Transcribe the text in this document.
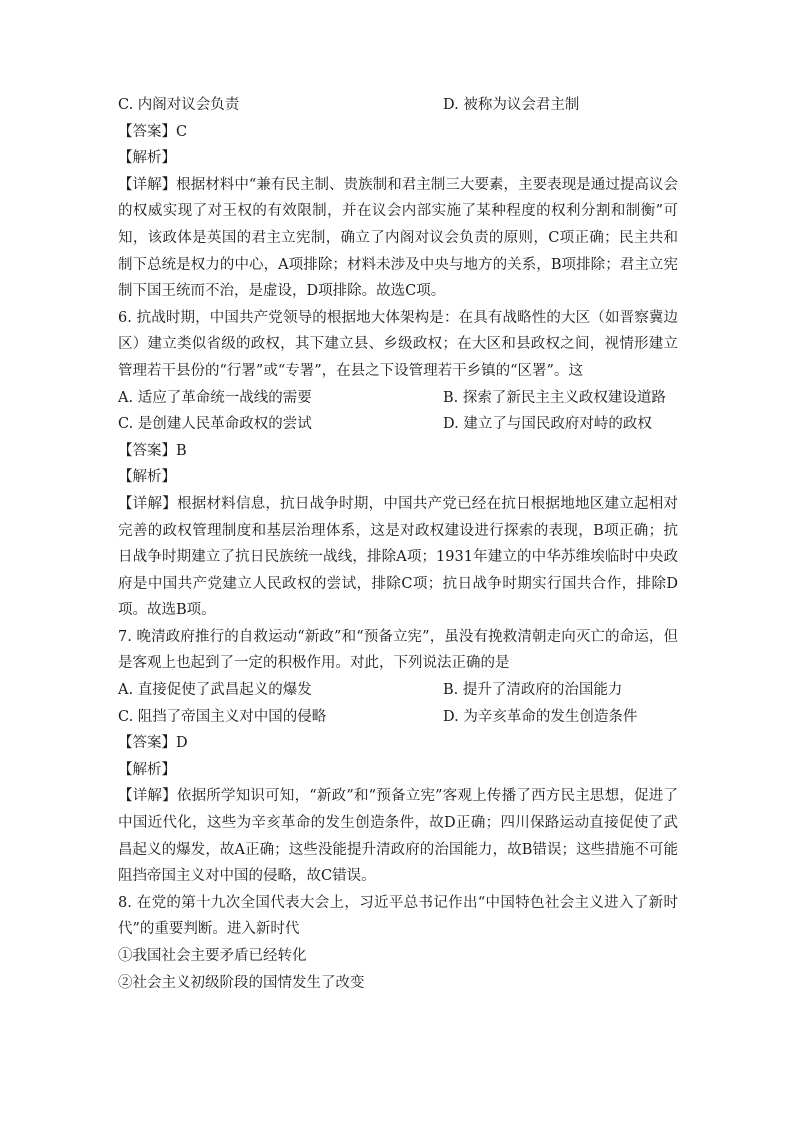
C. 内阁对议会负责	D. 被称为议会君主制
【答案】C
【解析】
【详解】根据材料中“兼有民主制、贵族制和君主制三大要素，主要表现是通过提高议会的权威实现了对王权的有效限制，并在议会内部实施了某种程度的权利分割和制衡”可知，该政体是英国的君主立宪制，确立了内阁对议会负责的原则，C项正确；民主共和制下总统是权力的中心，A项排除；材料未涉及中央与地方的关系，B项排除；君主立宪制下国王统而不治，是虚设，D项排除。故选C项。
6. 抗战时期，中国共产党领导的根据地大体架构是：在具有战略性的大区（如晋察冀边区）建立类似省级的政权，其下建立县、乡级政权；在大区和县政权之间，视情形建立管理若干县份的“行署”或“专署”，在县之下设管理若干乡镇的“区署”。这
A. 适应了革命统一战线的需要	B. 探索了新民主主义政权建设道路
C. 是创建人民革命政权的尝试	D. 建立了与国民政府对峙的政权
【答案】B
【解析】
【详解】根据材料信息，抗日战争时期，中国共产党已经在抗日根据地地区建立起相对完善的政权管理制度和基层治理体系，这是对政权建设进行探索的表现，B项正确；抗日战争时期建立了抗日民族统一战线，排除A项；1931年建立的中华苏维埃临时中央政府是中国共产党建立人民政权的尝试，排除C项；抗日战争时期实行国共合作，排除D项。故选B项。
7. 晚清政府推行的自救运动“新政”和“预备立宪”，虽没有挽救清朝走向灭亡的命运，但是客观上也起到了一定的积极作用。对此，下列说法正确的是
A. 直接促使了武昌起义的爆发	B. 提升了清政府的治国能力
C. 阻挡了帝国主义对中国的侵略	D. 为辛亥革命的发生创造条件
【答案】D
【解析】
【详解】依据所学知识可知，“新政”和“预备立宪”客观上传播了西方民主思想，促进了中国近代化，这些为辛亥革命的发生创造条件，故D正确；四川保路运动直接促使了武昌起义的爆发，故A正确；这些没能提升清政府的治国能力，故B错误；这些措施不可能阻挡帝国主义对中国的侵略，故C错误。
8. 在党的第十九次全国代表大会上，习近平总书记作出“中国特色社会主义进入了新时代”的重要判断。进入新时代
①我国社会主要矛盾已经转化
②社会主义初级阶段的国情发生了改变
